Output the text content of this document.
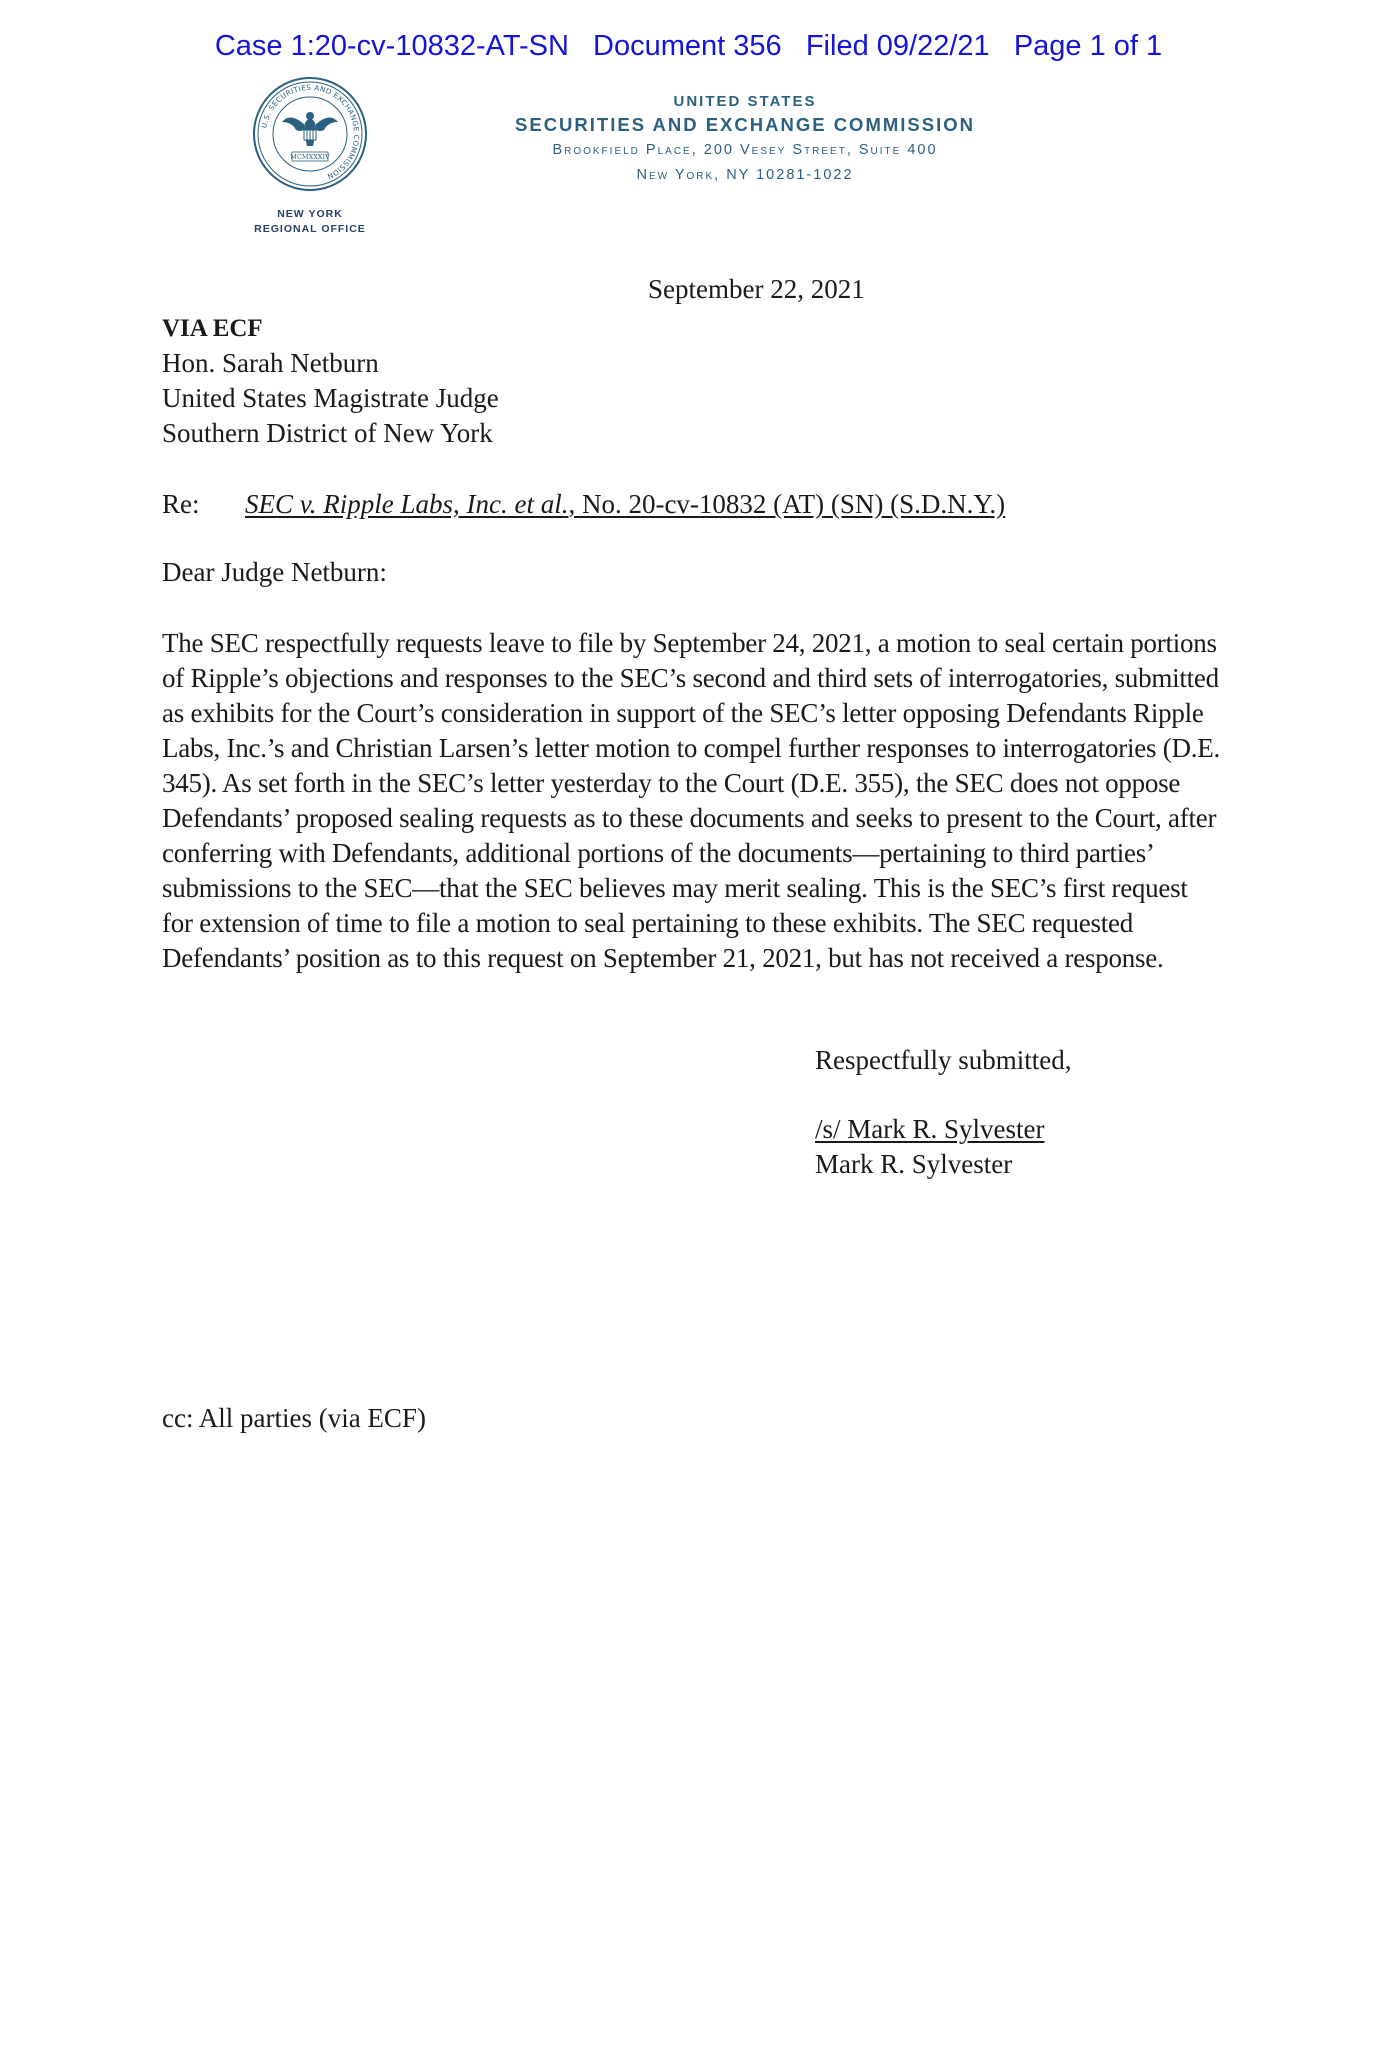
Case 1:20-cv-10832-AT-SN   Document 356   Filed 09/22/21   Page 1 of 1
U.S. SECURITIES AND EXCHANGE COMMISSION
MCMXXXIV
NEW YORK
REGIONAL OFFICE
UNITED STATES
SECURITIES AND EXCHANGE COMMISSION
Brookfield Place, 200 Vesey Street, Suite 400
New York, NY 10281-1022
September 22, 2021
VIA ECF
Hon. Sarah Netburn
United States Magistrate Judge
Southern District of New York
Re: SEC v. Ripple Labs, Inc. et al., No. 20-cv-10832 (AT) (SN) (S.D.N.Y.)
Dear Judge Netburn:

The SEC respectfully requests leave to file by September 24, 2021, a motion to seal certain portions of Ripple’s objections and responses to the SEC’s second and third sets of interrogatories, submitted as exhibits for the Court’s consideration in support of the SEC’s letter opposing Defendants Ripple Labs, Inc.’s and Christian Larsen’s letter motion to compel further responses to interrogatories (D.E. 345). As set forth in the SEC’s letter yesterday to the Court (D.E. 355), the SEC does not oppose Defendants’ proposed sealing requests as to these documents and seeks to present to the Court, after conferring with Defendants, additional portions of the documents—pertaining to third parties’ submissions to the SEC—that the SEC believes may merit sealing. This is the SEC’s first request for extension of time to file a motion to seal pertaining to these exhibits. The SEC requested Defendants’ position as to this request on September 21, 2021, but has not received a response.

Respectfully submitted,
/s/ Mark R. Sylvester
Mark R. Sylvester
cc: All parties (via ECF)
